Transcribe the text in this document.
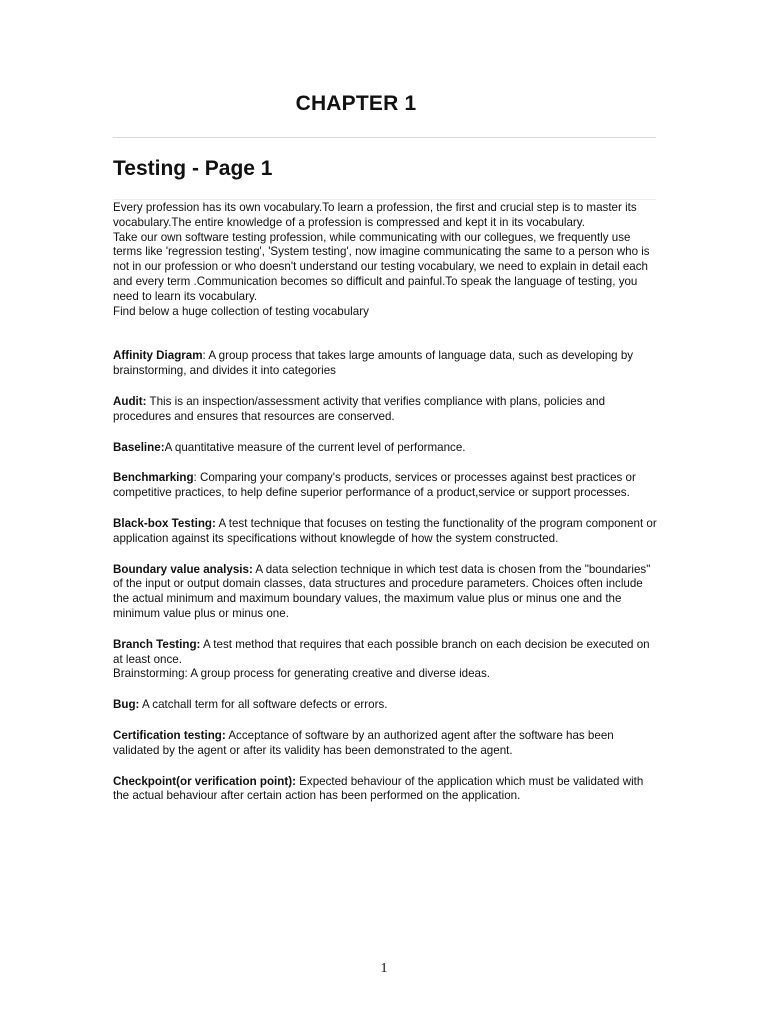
CHAPTER 1
Testing - Page 1

Every profession has its own vocabulary.To learn a profession, the first and crucial step is to master its vocabulary.The entire knowledge of a profession is compressed and kept it in its vocabulary.

Take our own software testing profession, while communicating with our collegues, we frequently use terms like 'regression testing', 'System testing', now imagine communicating the same to a person who is not in our profession or who doesn't understand our testing vocabulary, we need to explain in detail each and every term .Communication becomes so difficult and painful.To speak the language of testing, you need to learn its vocabulary.

Find below a huge collection of testing vocabulary

Affinity Diagram: A group process that takes large amounts of language data, such as developing by brainstorming, and divides it into categories
Audit: This is an inspection/assessment activity that verifies compliance with plans, policies and procedures and ensures that resources are conserved.
Baseline:A quantitative measure of the current level of performance.
Benchmarking: Comparing your company's products, services or processes against best practices or competitive practices, to help define superior performance of a product,service or support processes.
Black-box Testing: A test technique that focuses on testing the functionality of the program component or application against its specifications without knowlegde of how the system constructed.
Boundary value analysis: A data selection technique in which test data is chosen from the "boundaries" of the input or output domain classes, data structures and procedure parameters. Choices often include the actual minimum and maximum boundary values, the maximum value plus or minus one and the minimum value plus or minus one.
Branch Testing: A test method that requires that each possible branch on each decision be executed on at least once.
Brainstorming: A group process for generating creative and diverse ideas.
Bug: A catchall term for all software defects or errors.
Certification testing: Acceptance of software by an authorized agent after the software has been validated by the agent or after its validity has been demonstrated to the agent.
Checkpoint(or verification point): Expected behaviour of the application which must be validated with the actual behaviour after certain action has been performed on the application.
1
